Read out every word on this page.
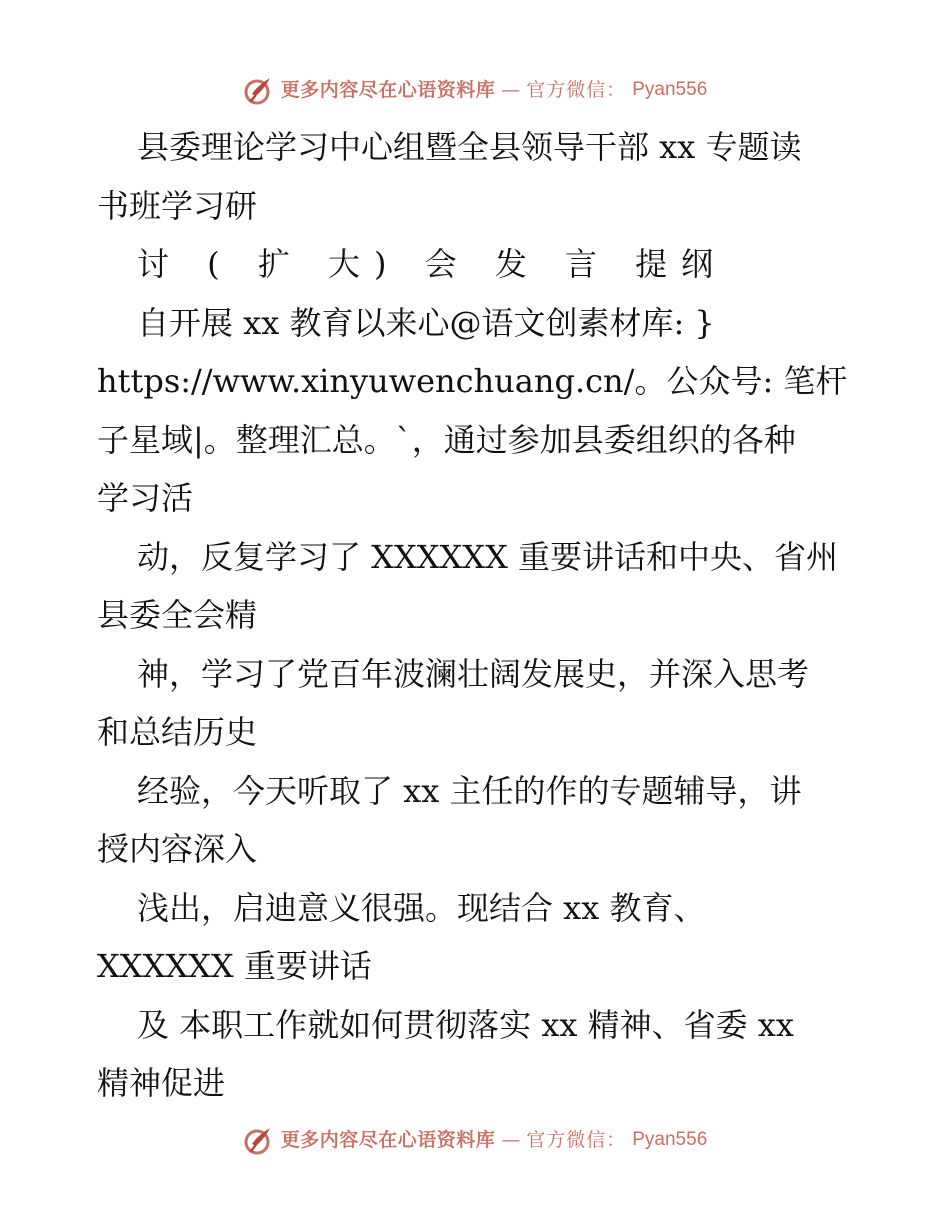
更多内容尽在心语资料库 — 官方微信： Pyan556

县委理论学习中心组暨全县领导干部 xx 专题读

书班学习研

讨 ( 扩 大) 会 发 言 提纲

自开展 xx 教育以来心@语文创素材库: }

https://www.xinyuwenchuang.cn/。公众号: 笔杆

子星域|。整理汇总。`，通过参加县委组织的各种

学习活

动，反复学习了 XXXXXX 重要讲话和中央、省州

县委全会精

神，学习了党百年波澜壮阔发展史，并深入思考

和总结历史

经验，今天听取了 xx 主任的作的专题辅导，讲

授内容深入

浅出，启迪意义很强。现结合 xx 教育、

XXXXXX 重要讲话

及 本职工作就如何贯彻落实 xx 精神、省委 xx

精神促进

更多内容尽在心语资料库 — 官方微信： Pyan556
